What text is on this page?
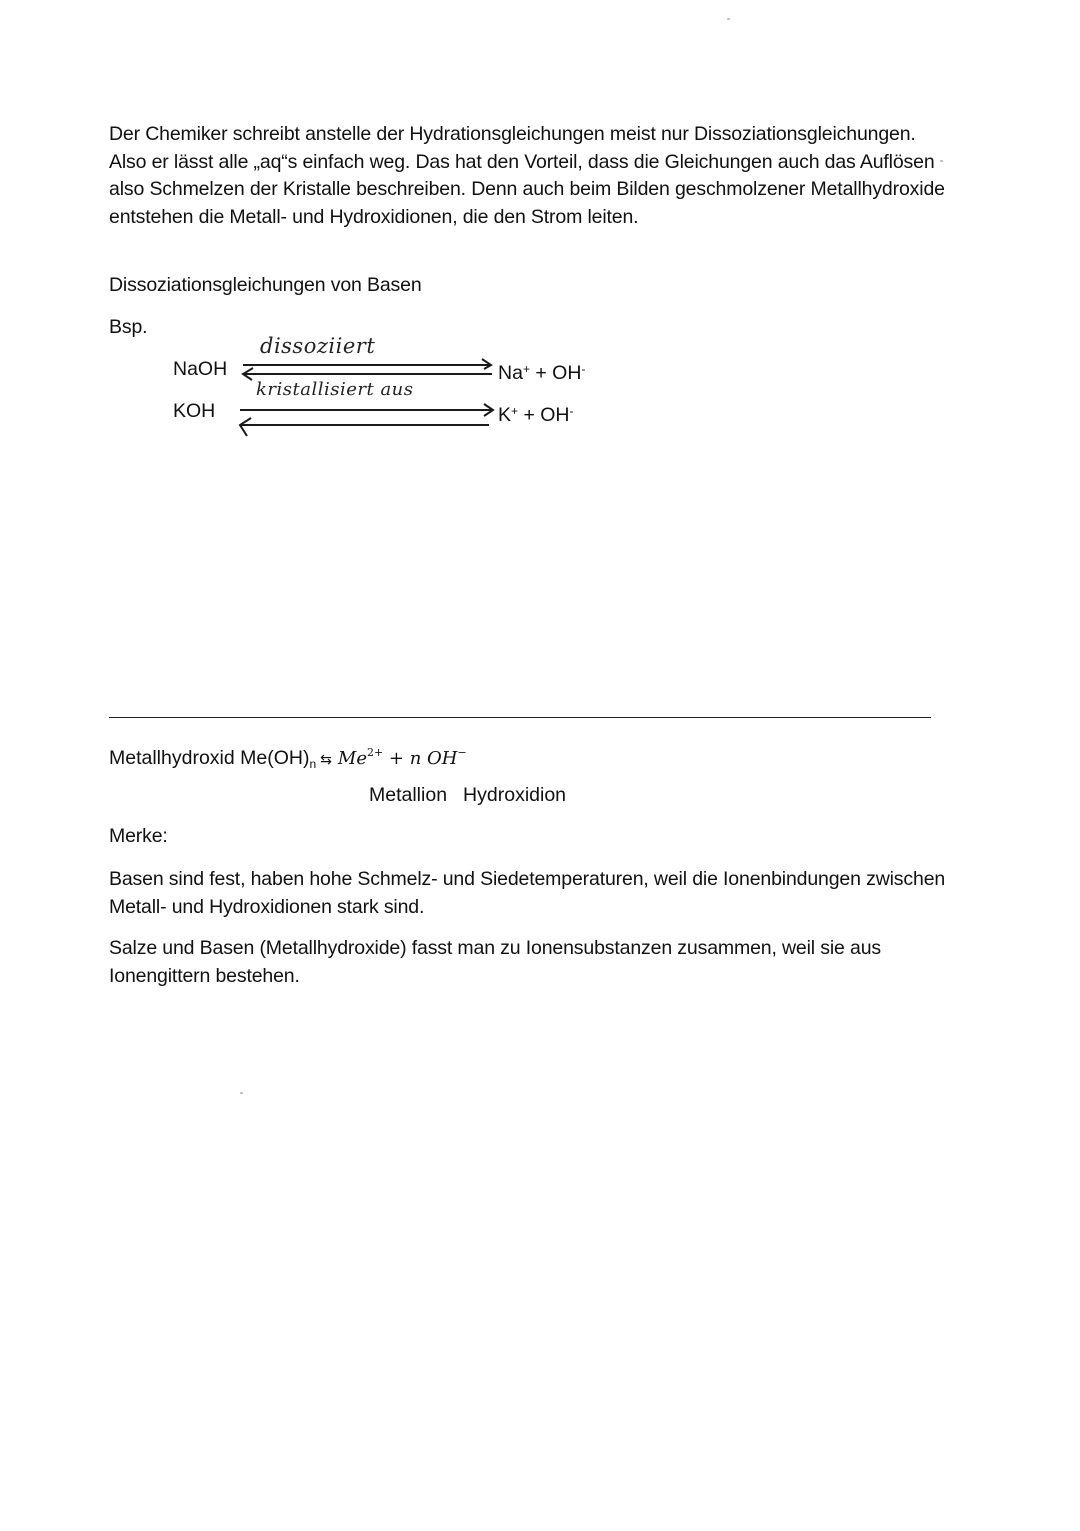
Der Chemiker schreibt anstelle der Hydrationsgleichungen meist nur Dissoziationsgleichungen. Also er lässt alle „aq“s einfach weg. Das hat den Vorteil, dass die Gleichungen auch das Auflösen also Schmelzen der Kristalle beschreiben. Denn auch beim Bilden geschmolzener Metallhydroxide entstehen die Metall- und Hydroxidionen, die den Strom leiten.
Dissoziationsgleichungen von Basen
Bsp.
NaOH
KOH
Na+ + OH-
K+ + OH-
dissoziiert
kristallisiert aus
Metallhydroxid $Me(OH)_n$ ⇆ $Me^{2+} + n$ OH−
Metallion Hydroxidion
Merke:
Basen sind fest, haben hohe Schmelz- und Siedetemperaturen, weil die Ionenbindungen zwischen Metall- und Hydroxidionen stark sind.
Salze und Basen (Metallhydroxide) fasst man zu Ionensubstanzen zusammen, weil sie aus Ionengittern bestehen.
